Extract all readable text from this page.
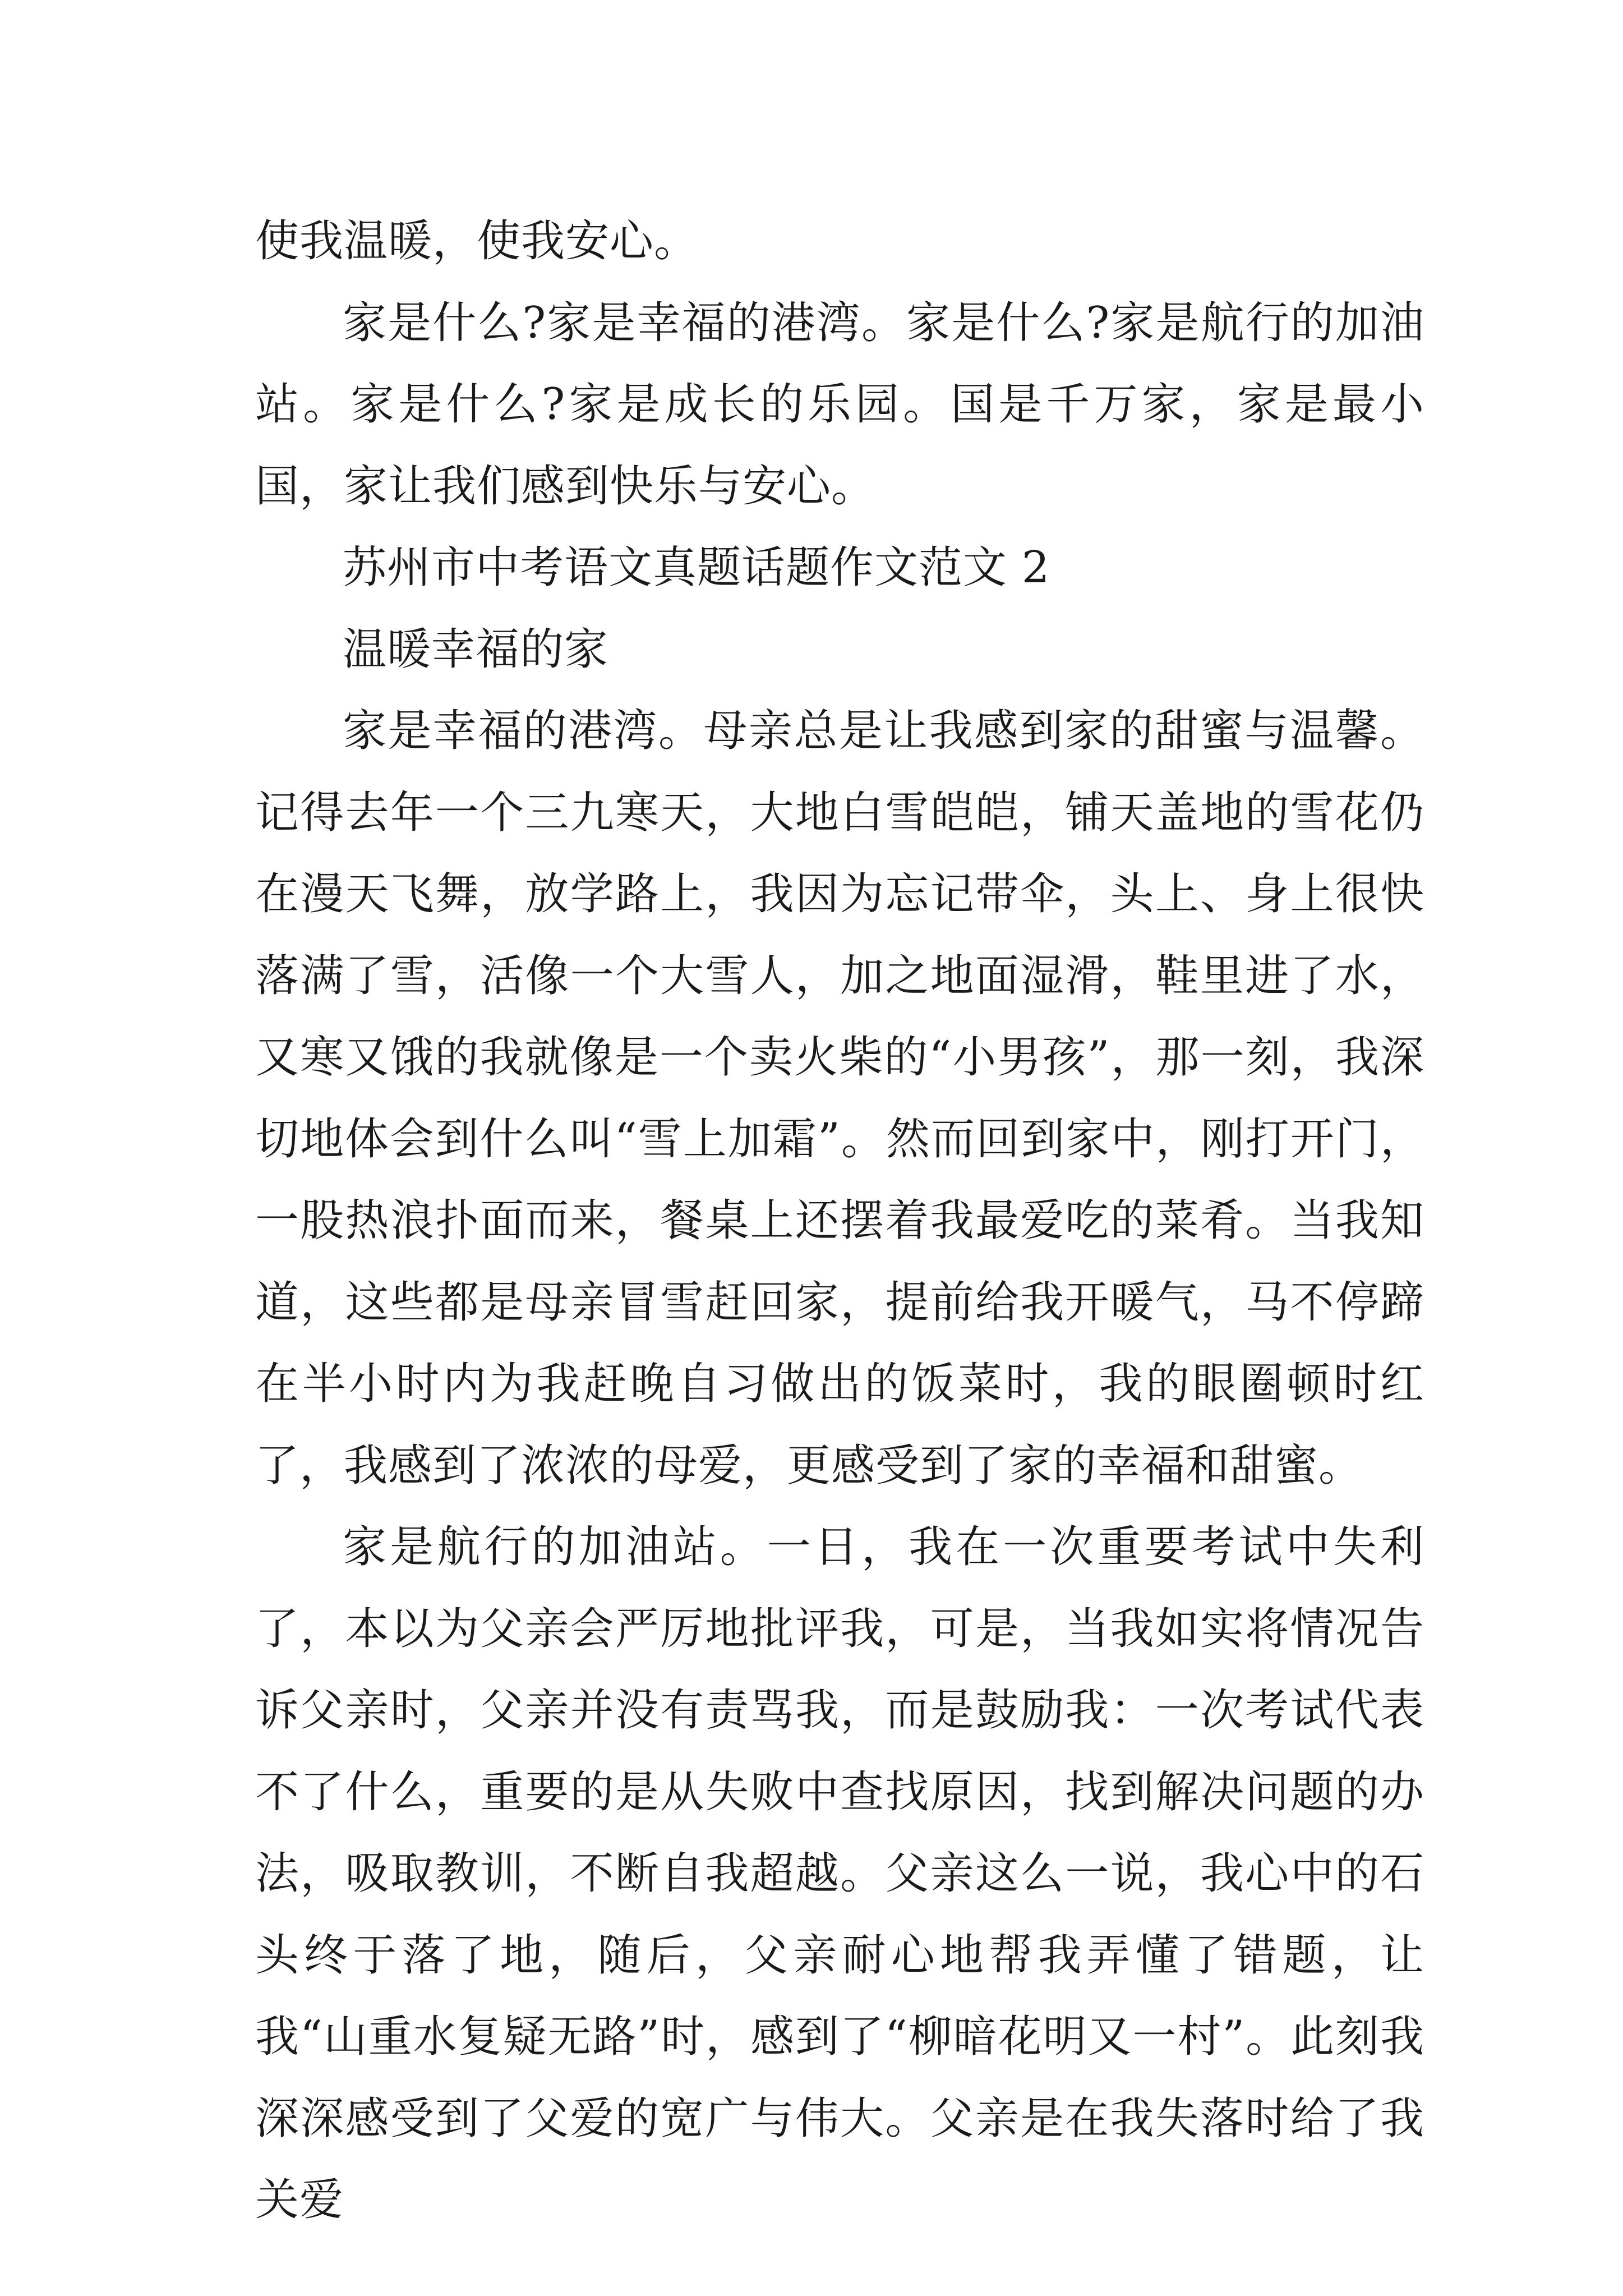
使我温暖，使我安心。

家是什么?家是幸福的港湾。家是什么?家是航行的加油站。家是什么?家是成长的乐园。国是千万家，家是最小国，家让我们感到快乐与安心。

苏州市中考语文真题话题作文范文 2

温暖幸福的家

家是幸福的港湾。母亲总是让我感到家的甜蜜与温馨。记得去年一个三九寒天，大地白雪皑皑，铺天盖地的雪花仍在漫天飞舞，放学路上，我因为忘记带伞，头上、身上很快落满了雪，活像一个大雪人，加之地面湿滑，鞋里进了水，又寒又饿的我就像是一个卖火柴的“小男孩”，那一刻，我深切地体会到什么叫“雪上加霜”。然而回到家中，刚打开门，一股热浪扑面而来，餐桌上还摆着我最爱吃的菜肴。当我知道，这些都是母亲冒雪赶回家，提前给我开暖气，马不停蹄在半小时内为我赶晚自习做出的饭菜时，我的眼圈顿时红了，我感到了浓浓的母爱，更感受到了家的幸福和甜蜜。

家是航行的加油站。一日，我在一次重要考试中失利了，本以为父亲会严厉地批评我，可是，当我如实将情况告诉父亲时，父亲并没有责骂我，而是鼓励我：一次考试代表不了什么，重要的是从失败中查找原因，找到解决问题的办法，吸取教训，不断自我超越。父亲这么一说，我心中的石头终于落了地，随后，父亲耐心地帮我弄懂了错题，让我“山重水复疑无路”时，感到了“柳暗花明又一村”。此刻我深深感受到了父爱的宽广与伟大。父亲是在我失落时给了我关爱
